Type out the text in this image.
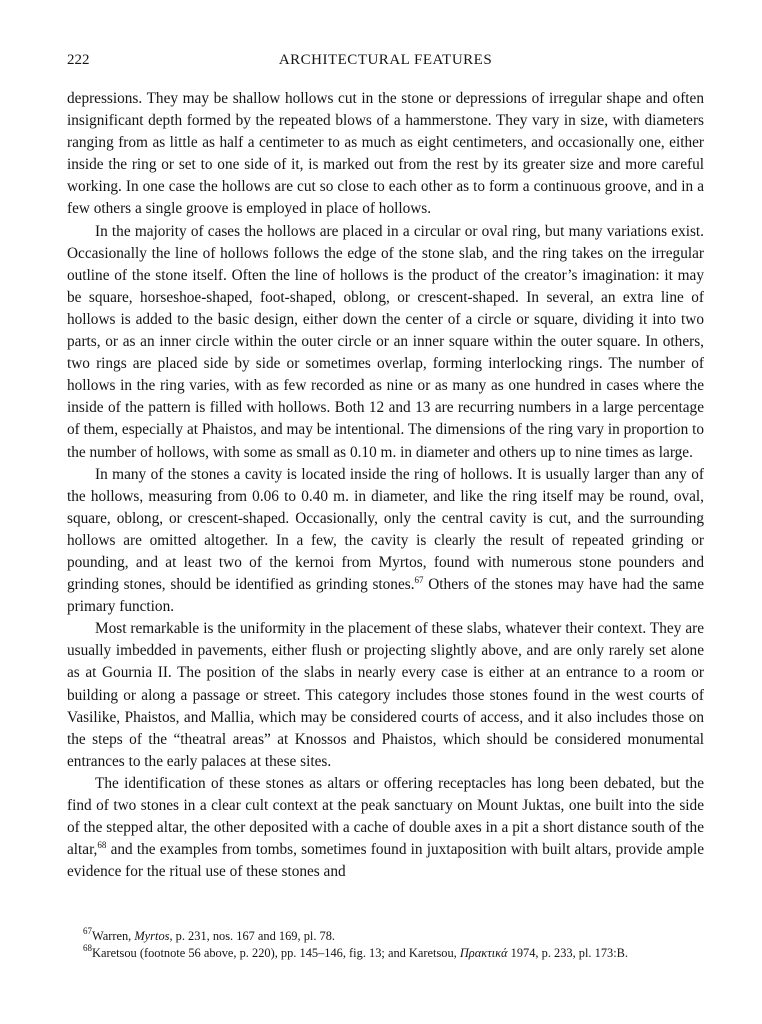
222	ARCHITECTURAL FEATURES

depressions. They may be shallow hollows cut in the stone or depressions of irregular shape and often insignificant depth formed by the repeated blows of a hammerstone. They vary in size, with diameters ranging from as little as half a centimeter to as much as eight centimeters, and occasionally one, either inside the ring or set to one side of it, is marked out from the rest by its greater size and more careful working. In one case the hollows are cut so close to each other as to form a continuous groove, and in a few others a single groove is employed in place of hollows.

In the majority of cases the hollows are placed in a circular or oval ring, but many variations exist. Occasionally the line of hollows follows the edge of the stone slab, and the ring takes on the irregular outline of the stone itself. Often the line of hollows is the product of the creator’s imagination: it may be square, horseshoe-shaped, foot-shaped, oblong, or crescent-shaped. In several, an extra line of hollows is added to the basic design, either down the center of a circle or square, dividing it into two parts, or as an inner circle within the outer circle or an inner square within the outer square. In others, two rings are placed side by side or sometimes overlap, forming interlocking rings. The number of hollows in the ring varies, with as few recorded as nine or as many as one hundred in cases where the inside of the pattern is filled with hollows. Both 12 and 13 are recurring numbers in a large percentage of them, especially at Phaistos, and may be intentional. The dimensions of the ring vary in proportion to the number of hollows, with some as small as 0.10 m. in diameter and others up to nine times as large.

In many of the stones a cavity is located inside the ring of hollows. It is usually larger than any of the hollows, measuring from 0.06 to 0.40 m. in diameter, and like the ring itself may be round, oval, square, oblong, or crescent-shaped. Occasionally, only the central cavity is cut, and the surrounding hollows are omitted altogether. In a few, the cavity is clearly the result of repeated grinding or pounding, and at least two of the kernoi from Myrtos, found with numerous stone pounders and grinding stones, should be identified as grinding stones.$^{67}$ Others of the stones may have had the same primary function.

Most remarkable is the uniformity in the placement of these slabs, whatever their context. They are usually imbedded in pavements, either flush or projecting slightly above, and are only rarely set alone as at Gournia II. The position of the slabs in nearly every case is either at an entrance to a room or building or along a passage or street. This category includes those stones found in the west courts of Vasilike, Phaistos, and Mallia, which may be considered courts of access, and it also includes those on the steps of the “theatral areas” at Knossos and Phaistos, which should be considered monumental entrances to the early palaces at these sites.

The identification of these stones as altars or offering receptacles has long been debated, but the find of two stones in a clear cult context at the peak sanctuary on Mount Juktas, one built into the side of the stepped altar, the other deposited with a cache of double axes in a pit a short distance south of the altar,$^{68}$ and the examples from tombs, sometimes found in juxtaposition with built altars, provide ample evidence for the ritual use of these stones and

$^{67}$Warren, Myrtos, p. 231, nos. 167 and 169, pl. 78.

$^{68}$Karetsou (footnote 56 above, p. 220), pp. 145–146, fig. 13; and Karetsou, Πρακτικά 1974, p. 233, pl. 173:B.
